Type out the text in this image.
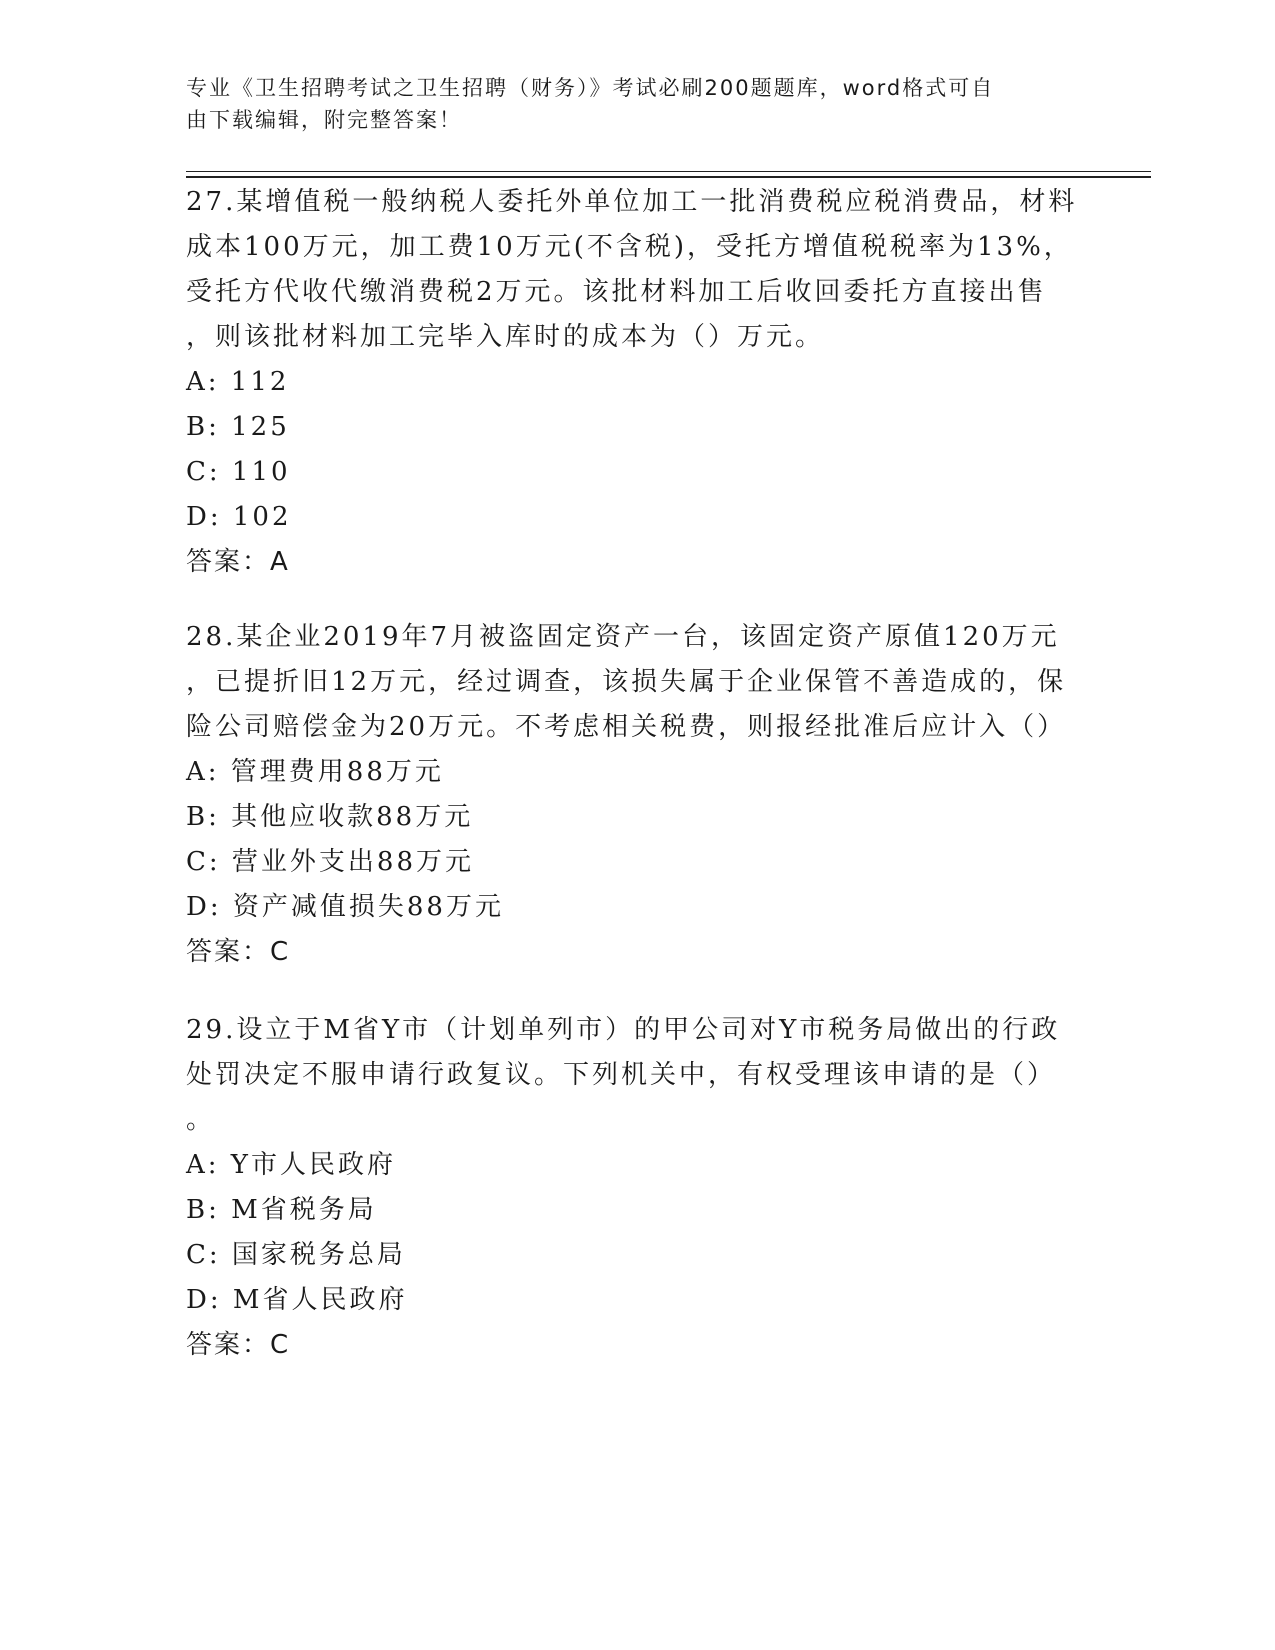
专业《卫生招聘考试之卫生招聘（财务）》考试必刷200题题库，word格式可自
由下载编辑，附完整答案！

27.某增值税一般纳税人委托外单位加工一批消费税应税消费品，材料

成本100万元，加工费10万元(不含税)，受托方增值税税率为13%，

受托方代收代缴消费税2万元。该批材料加工后收回委托方直接出售

，则该批材料加工完毕入库时的成本为（）万元。

A: 112

B: 125

C: 110

D: 102

答案：A

28.某企业2019年7月被盗固定资产一台，该固定资产原值120万元

，已提折旧12万元，经过调查，该损失属于企业保管不善造成的，保

险公司赔偿金为20万元。不考虑相关税费，则报经批准后应计入（）

A: 管理费用88万元

B: 其他应收款88万元

C: 营业外支出88万元

D: 资产减值损失88万元

答案：C

29.设立于M省Y市（计划单列市）的甲公司对Y市税务局做出的行政

处罚决定不服申请行政复议。下列机关中，有权受理该申请的是（）

。

A: Y市人民政府

B: M省税务局

C: 国家税务总局

D: M省人民政府

答案：C
